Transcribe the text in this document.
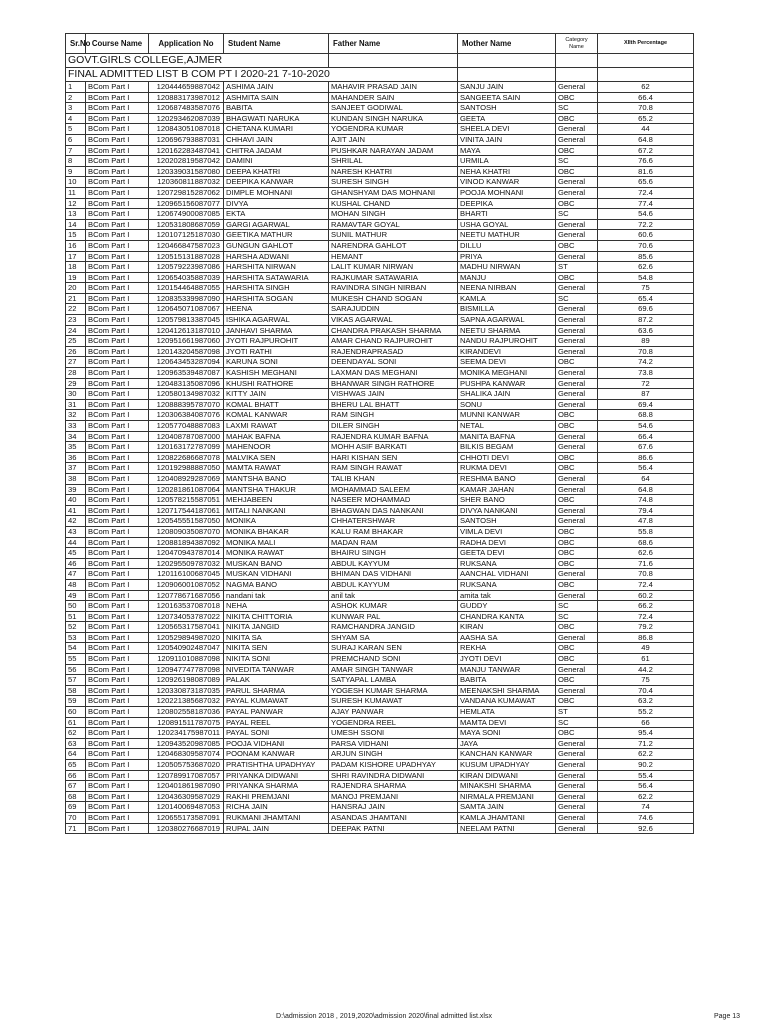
GOVT.GIRLS COLLEGE,AJMER							
FINAL ADMITTED LIST B COM PT I 2020-21 7-10-2020							
Sr.No	Course Name	Application No	Student Name	Father Name	Mother Name	Category Name	XIIth Percentage
1	BCom Part I	120444659887042	ASHIMA JAIN	MAHAVIR PRASAD JAIN	SANJU JAIN	General	62
2	BCom Part I	120883173987012	ASHMITA SAIN	MAHANDER SAIN	SANGEETA SAIN	OBC	66.4
3	BCom Part I	120687483587076	BABITA	SANJEET GODIWAL	SANTOSH	SC	70.8
4	BCom Part I	120293462087039	BHAGWATI NARUKA	KUNDAN SINGH NARUKA	GEETA	OBC	65.2
5	BCom Part I	120843051087018	CHETANA KUMARI	YOGENDRA KUMAR	SHEELA DEVI	General	44
6	BCom Part I	120696793887031	CHHAVI JAIN	AJIT JAIN	VINITA JAIN	General	64.8
7	BCom Part I	120162283487041	CHITRA JADAM	PUSHKAR NARAYAN JADAM	MAYA	OBC	67.2
8	BCom Part I	120202819587042	DAMINI	SHRILAL	URMILA	SC	76.6
9	BCom Part I	120339031587080	DEEPA KHATRI	NARESH KHATRI	NEHA KHATRI	OBC	81.6
10	BCom Part I	120360811887032	DEEPIKA KANWAR	SURESH SINGH	VINOD KANWAR	General	65.6
11	BCom Part I	120729815287062	DIMPLE MOHNANI	GHANSHYAM DAS MOHNANI	POOJA MOHNANI	General	72.4
12	BCom Part I	120965156087077	DIVYA	KUSHAL CHAND	DEEPIKA	OBC	77.4
13	BCom Part I	120674900087085	EKTA	MOHAN SINGH	BHARTI	SC	54.6
14	BCom Part I	120531808687059	GARGI AGARWAL	RAMAVTAR GOYAL	USHA GOYAL	General	72.2
15	BCom Part I	120107125187030	GEETIKA MATHUR	SUNIL MATHUR	NEETU MATHUR	General	60.6
16	BCom Part I	120466847587023	GUNGUN GAHLOT	NARENDRA GAHLOT	DILLU	OBC	70.6
17	BCom Part I	120515131887028	HARSHA ADWANI	HEMANT	PRIYA	General	85.6
18	BCom Part I	120579223987086	HARSHITA NIRWAN	LALIT KUMAR NIRWAN	MADHU NIRWAN	ST	62.6
19	BCom Part I	120654035887039	HARSHITA SATAWARIA	RAJKUMAR SATAWARIA	MANJU	OBC	54.8
20	BCom Part I	120154464887055	HARSHITA SINGH	RAVINDRA SINGH NIRBAN	NEENA NIRBAN	General	75
21	BCom Part I	120835339987090	HARSHITA SOGAN	MUKESH CHAND SOGAN	KAMLA	SC	65.4
22	BCom Part I	120645071087067	HEENA	SARAJUDDIN	BISMILLA	General	69.6
23	BCom Part I	120579813387045	ISHIKA AGARWAL	VIKAS AGARWAL	SAPNA AGARWAL	General	87.2
24	BCom Part I	120412613187010	JANHAVI SHARMA	CHANDRA PRAKASH SHARMA	NEETU SHARMA	General	63.6
25	BCom Part I	120951661987060	JYOTI RAJPUROHIT	AMAR CHAND RAJPUROHIT	NANDU RAJPUROHIT	General	89
26	BCom Part I	120143204587098	JYOTI RATHI	RAJENDRAPRASAD	KIRANDEVI	General	70.8
27	BCom Part I	120643453287094	KARUNA SONI	DEENDAYAL SONI	SEEMA DEVI	OBC	74.2
28	BCom Part I	120963539487087	KASHISH MEGHANI	LAXMAN DAS MEGHANI	MONIKA MEGHANI	General	73.8
29	BCom Part I	120483135087096	KHUSHI RATHORE	BHANWAR SINGH RATHORE	PUSHPA KANWAR	General	72
30	BCom Part I	120580134987032	KITTY JAIN	VISHWAS JAIN	SHALIKA JAIN	General	87
31	BCom Part I	120888395787070	KOMAL BHATT	BHERU LAL BHATT	SONU	General	69.4
32	BCom Part I	120306384087076	KOMAL KANWAR	RAM SINGH	MUNNI KANWAR	OBC	68.8
33	BCom Part I	120577048887083	LAXMI RAWAT	DILER SINGH	NETAL	OBC	54.6
34	BCom Part I	120408787087000	MAHAK BAFNA	RAJENDRA KUMAR BAFNA	MANITA BAFNA	General	66.4
35	BCom Part I	120163172787099	MAHENOOR	MOHH ASIF BARKATI	BILKIS BEGAM	General	67.6
36	BCom Part I	120822686687078	MALVIKA SEN	HARI KISHAN SEN	CHHOTI DEVI	OBC	86.6
37	BCom Part I	120192988887050	MAMTA RAWAT	RAM SINGH RAWAT	RUKMA DEVI	OBC	56.4
38	BCom Part I	120408929287069	MANTSHA BANO	TALIB KHAN	RESHMA BANO	General	64
39	BCom Part I	120281861087064	MANTSHA THAKUR	MOHAMMAD SALEEM	KAMAR JAHAN	General	64.8
40	BCom Part I	120578215587051	MEHJABEEN	NASEER MOHAMMAD	SHER BANO	OBC	74.8
41	BCom Part I	120717544187061	MITALI NANKANI	BHAGWAN DAS NANKANI	DIVYA NANKANI	General	79.4
42	BCom Part I	120545551587050	MONIKA	CHHATERSHWAR	SANTOSH	General	47.8
43	BCom Part I	120809035087070	MONIKA BHAKAR	KALU RAM BHAKAR	VIMLA DEVI	OBC	55.8
44	BCom Part I	120881894387092	MONIKA MALI	MADAN RAM	RADHA DEVI	OBC	68.6
45	BCom Part I	120470943787014	MONIKA RAWAT	BHAIRU SINGH	GEETA DEVI	OBC	62.6
46	BCom Part I	120295509787032	MUSKAN BANO	ABDUL KAYYUM	RUKSANA	OBC	71.6
47	BCom Part I	120116100687045	MUSKAN VIDHANI	BHIMAN DAS VIDHANI	AANCHAL VIDHANI	General	70.8
48	BCom Part I	120906001087052	NAGMA BANO	ABDUL KAYYUM	RUKSANA	OBC	72.4
49	BCom Part I	120778671687056	nandani tak	anil tak	amita tak	General	60.2
50	BCom Part I	120163537087018	NEHA	ASHOK KUMAR	GUDDY	SC	66.2
51	BCom Part I	120734053787022	NIKITA CHITTORIA	KUNWAR PAL	CHANDRA KANTA	SC	72.4
52	BCom Part I	120565317587041	NIKITA JANGID	RAMCHANDRA JANGID	KIRAN	OBC	79.2
53	BCom Part I	120529894987020	NIKITA SA	SHYAM SA	AASHA SA	General	86.8
54	BCom Part I	120540902487047	NIKITA SEN	SURAJ KARAN SEN	REKHA	OBC	49
55	BCom Part I	120911010887098	NIKITA SONI	PREMCHAND SONI	JYOTI DEVI	OBC	61
56	BCom Part I	120947747787098	NIVEDITA TANWAR	AMAR SINGH TANWAR	MANJU TANWAR	General	44.2
57	BCom Part I	120926198087089	PALAK	SATYAPAL LAMBA	BABITA	OBC	75
58	BCom Part I	120330873187035	PARUL SHARMA	YOGESH KUMAR SHARMA	MEENAKSHI SHARMA	General	70.4
59	BCom Part I	120221385687032	PAYAL KUMAWAT	SURESH KUMAWAT	VANDANA KUMAWAT	OBC	63.2
60	BCom Part I	120802558187036	PAYAL PANWAR	AJAY PANWAR	HEMLATA	ST	55.2
61	BCom Part I	120891511787075	PAYAL REEL	YOGENDRA REEL	MAMTA DEVI	SC	66
62	BCom Part I	120234175987011	PAYAL SONI	UMESH SSONI	MAYA SONI	OBC	95.4
63	BCom Part I	120943520987085	POOJA VIDHANI	PARSA VIDHANI	JAYA	General	71.2
64	BCom Part I	120468309587074	POONAM KANWAR	ARJUN SINGH	KANCHAN KANWAR	General	62.2
65	BCom Part I	120505753687020	PRATISHTHA UPADHYAY	PADAM KISHORE UPADHYAY	KUSUM UPADHYAY	General	90.2
66	BCom Part I	120789917087057	PRIYANKA DIDWANI	SHRI RAVINDRA DIDWANI	KIRAN DIDWANI	General	55.4
67	BCom Part I	120401861987090	PRIYANKA SHARMA	RAJENDRA SHARMA	MINAKSHI SHARMA	General	56.4
68	BCom Part I	120436309587029	RAKHI PREMJANI	MANOJ PREMJANI	NIRMALA PREMJANI	General	62.2
69	BCom Part I	120140069487053	RICHA JAIN	HANSRAJ JAIN	SAMTA JAIN	General	74
70	BCom Part I	120655173587091	RUKMANI JHAMTANI	ASANDAS JHAMTANI	KAMLA JHAMTANI	General	74.6
71	BCom Part I	120380276687019	RUPAL JAIN	DEEPAK PATNI	NEELAM PATNI	General	92.6
D:\admission 2018 , 2019,2020\admission 2020\final admitted list.xlsx	Page 13
